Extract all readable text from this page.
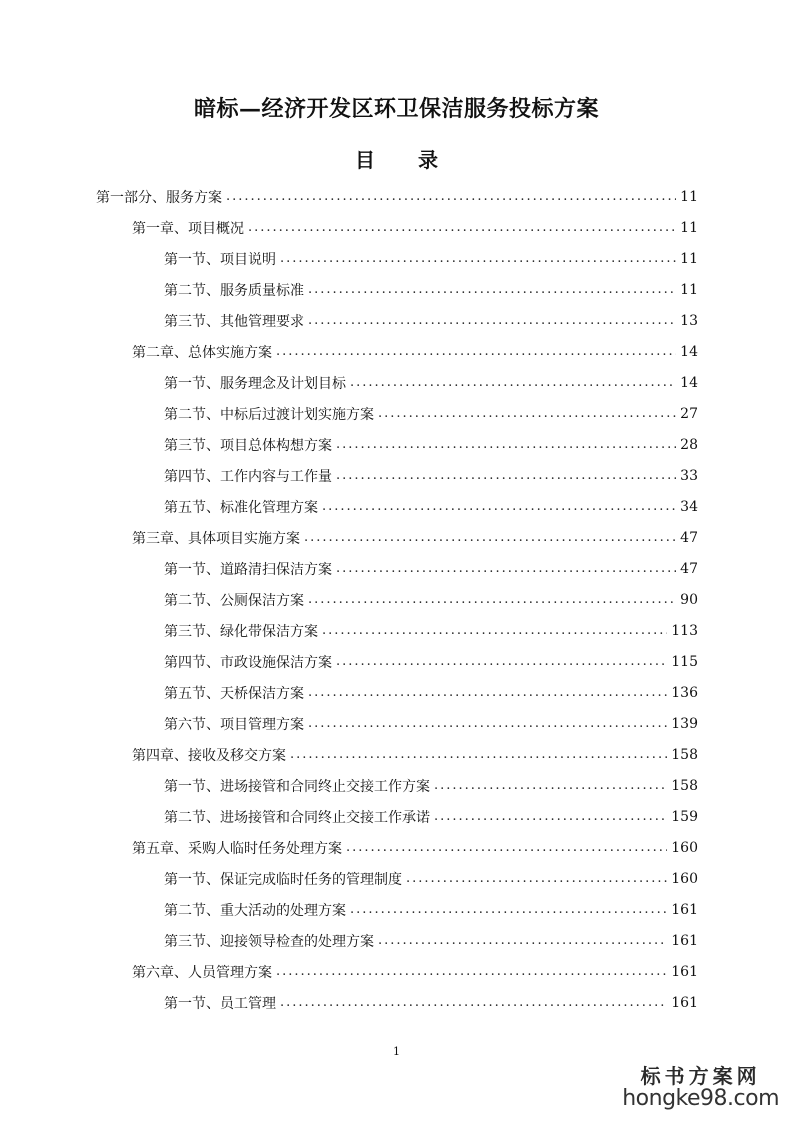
暗标—经济开发区环卫保洁服务投标方案
目 录
第一部分、服务方案 .....	11
第一章、项目概况 .....	11
第一节、项目说明 .....	11
第二节、服务质量标准 .....	11
第三节、其他管理要求 .....	13
第二章、总体实施方案 .....	14
第一节、服务理念及计划目标 .....	14
第二节、中标后过渡计划实施方案 .....	27
第三节、项目总体构想方案 .....	28
第四节、工作内容与工作量 .....	33
第五节、标准化管理方案 .....	34
第三章、具体项目实施方案 .....	47
第一节、道路清扫保洁方案 .....	47
第二节、公厕保洁方案 .....	90
第三节、绿化带保洁方案 .....	113
第四节、市政设施保洁方案 .....	115
第五节、天桥保洁方案 .....	136
第六节、项目管理方案 .....	139
第四章、接收及移交方案 .....	158
第一节、进场接管和合同终止交接工作方案 .....	158
第二节、进场接管和合同终止交接工作承诺 .....	159
第五章、采购人临时任务处理方案 .....	160
第一节、保证完成临时任务的管理制度 .....	160
第二节、重大活动的处理方案 .....	161
第三节、迎接领导检查的处理方案 .....	161
第六章、人员管理方案 .....	161
第一节、员工管理 .....	161

1

标书方案网
hongke98.com
